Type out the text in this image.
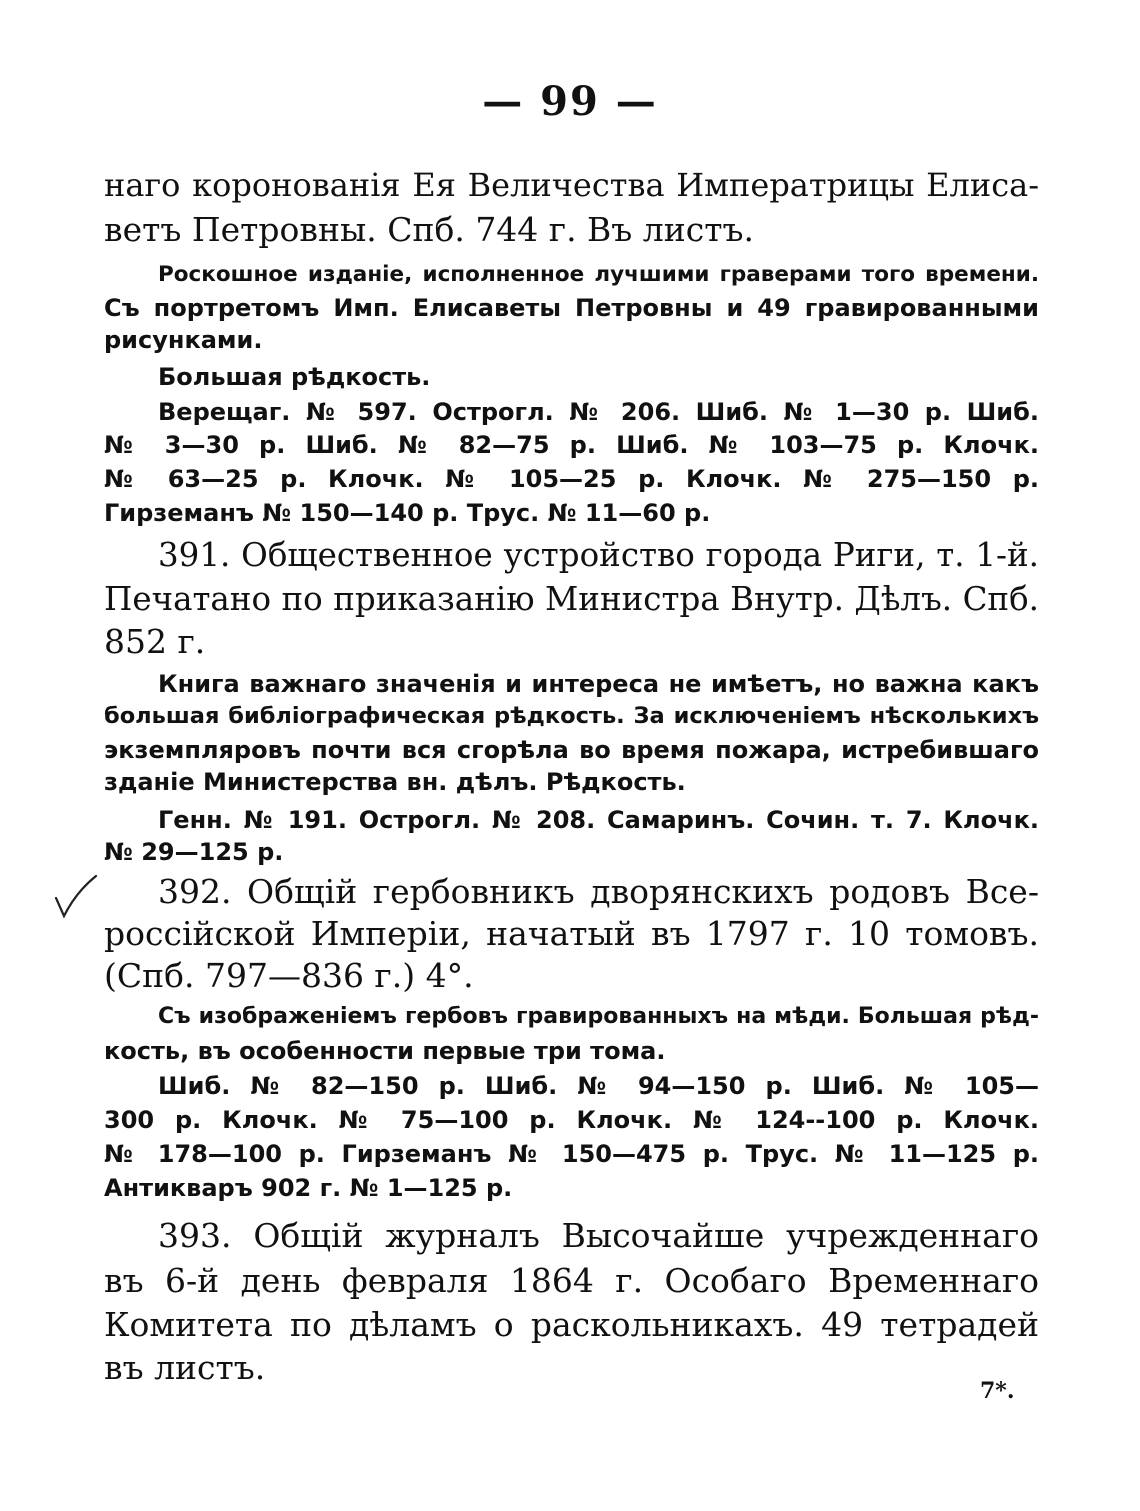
— 99 —
наго коронованія Ея Величества Императрицы Елиса-
ветъ Петровны. Спб. 744 г. Въ листъ.
Роскошное изданіе, исполненное лучшими граверами того времени.
Съ портретомъ Имп. Елисаветы Петровны и 49 гравированными
рисунками.
Большая рѣдкость.
Верещаг. № 597. Острогл. № 206. Шиб. № 1—30 р. Шиб.
№ 3—30 р. Шиб. № 82—75 р. Шиб. № 103—75 р. Клочк.
№ 63—25 р. Клочк. № 105—25 р. Клочк. № 275—150 р.
Гирземанъ № 150—140 р. Трус. № 11—60 р.
391. Общественное устройство города Риги, т. 1-й.
Печатано по приказанію Министра Внутр. Дѣлъ. Спб.
852 г.
Книга важнаго значенія и интереса не имѣетъ, но важна какъ
большая библіографическая рѣдкость. За исключеніемъ нѣсколькихъ
экземпляровъ почти вся сгорѣла во время пожара, истребившаго
зданіе Министерства вн. дѣлъ. Рѣдкость.
Генн. № 191. Острогл. № 208. Самаринъ. Сочин. т. 7. Клочк.
№ 29—125 р.
392. Общій гербовникъ дворянскихъ родовъ Все-
россійской Имперіи, начатый въ 1797 г. 10 томовъ.
(Спб. 797—836 г.) 4°.
Съ изображеніемъ гербовъ гравированныхъ на мѣди. Большая рѣд-
кость, въ особенности первые три тома.
Шиб. № 82—150 р. Шиб. № 94—150 р. Шиб. № 105—
300 р. Клочк. № 75—100 р. Клочк. № 124--100 р. Клочк.
№ 178—100 р. Гирземанъ № 150—475 р. Трус. № 11—125 р.
Антикваръ 902 г. № 1—125 р.
393. Общій журналъ Высочайше учрежденнаго
въ 6-й день февраля 1864 г. Особаго Временнаго
Комитета по дѣламъ о раскольникахъ. 49 тетрадей
въ листъ.
7*.
